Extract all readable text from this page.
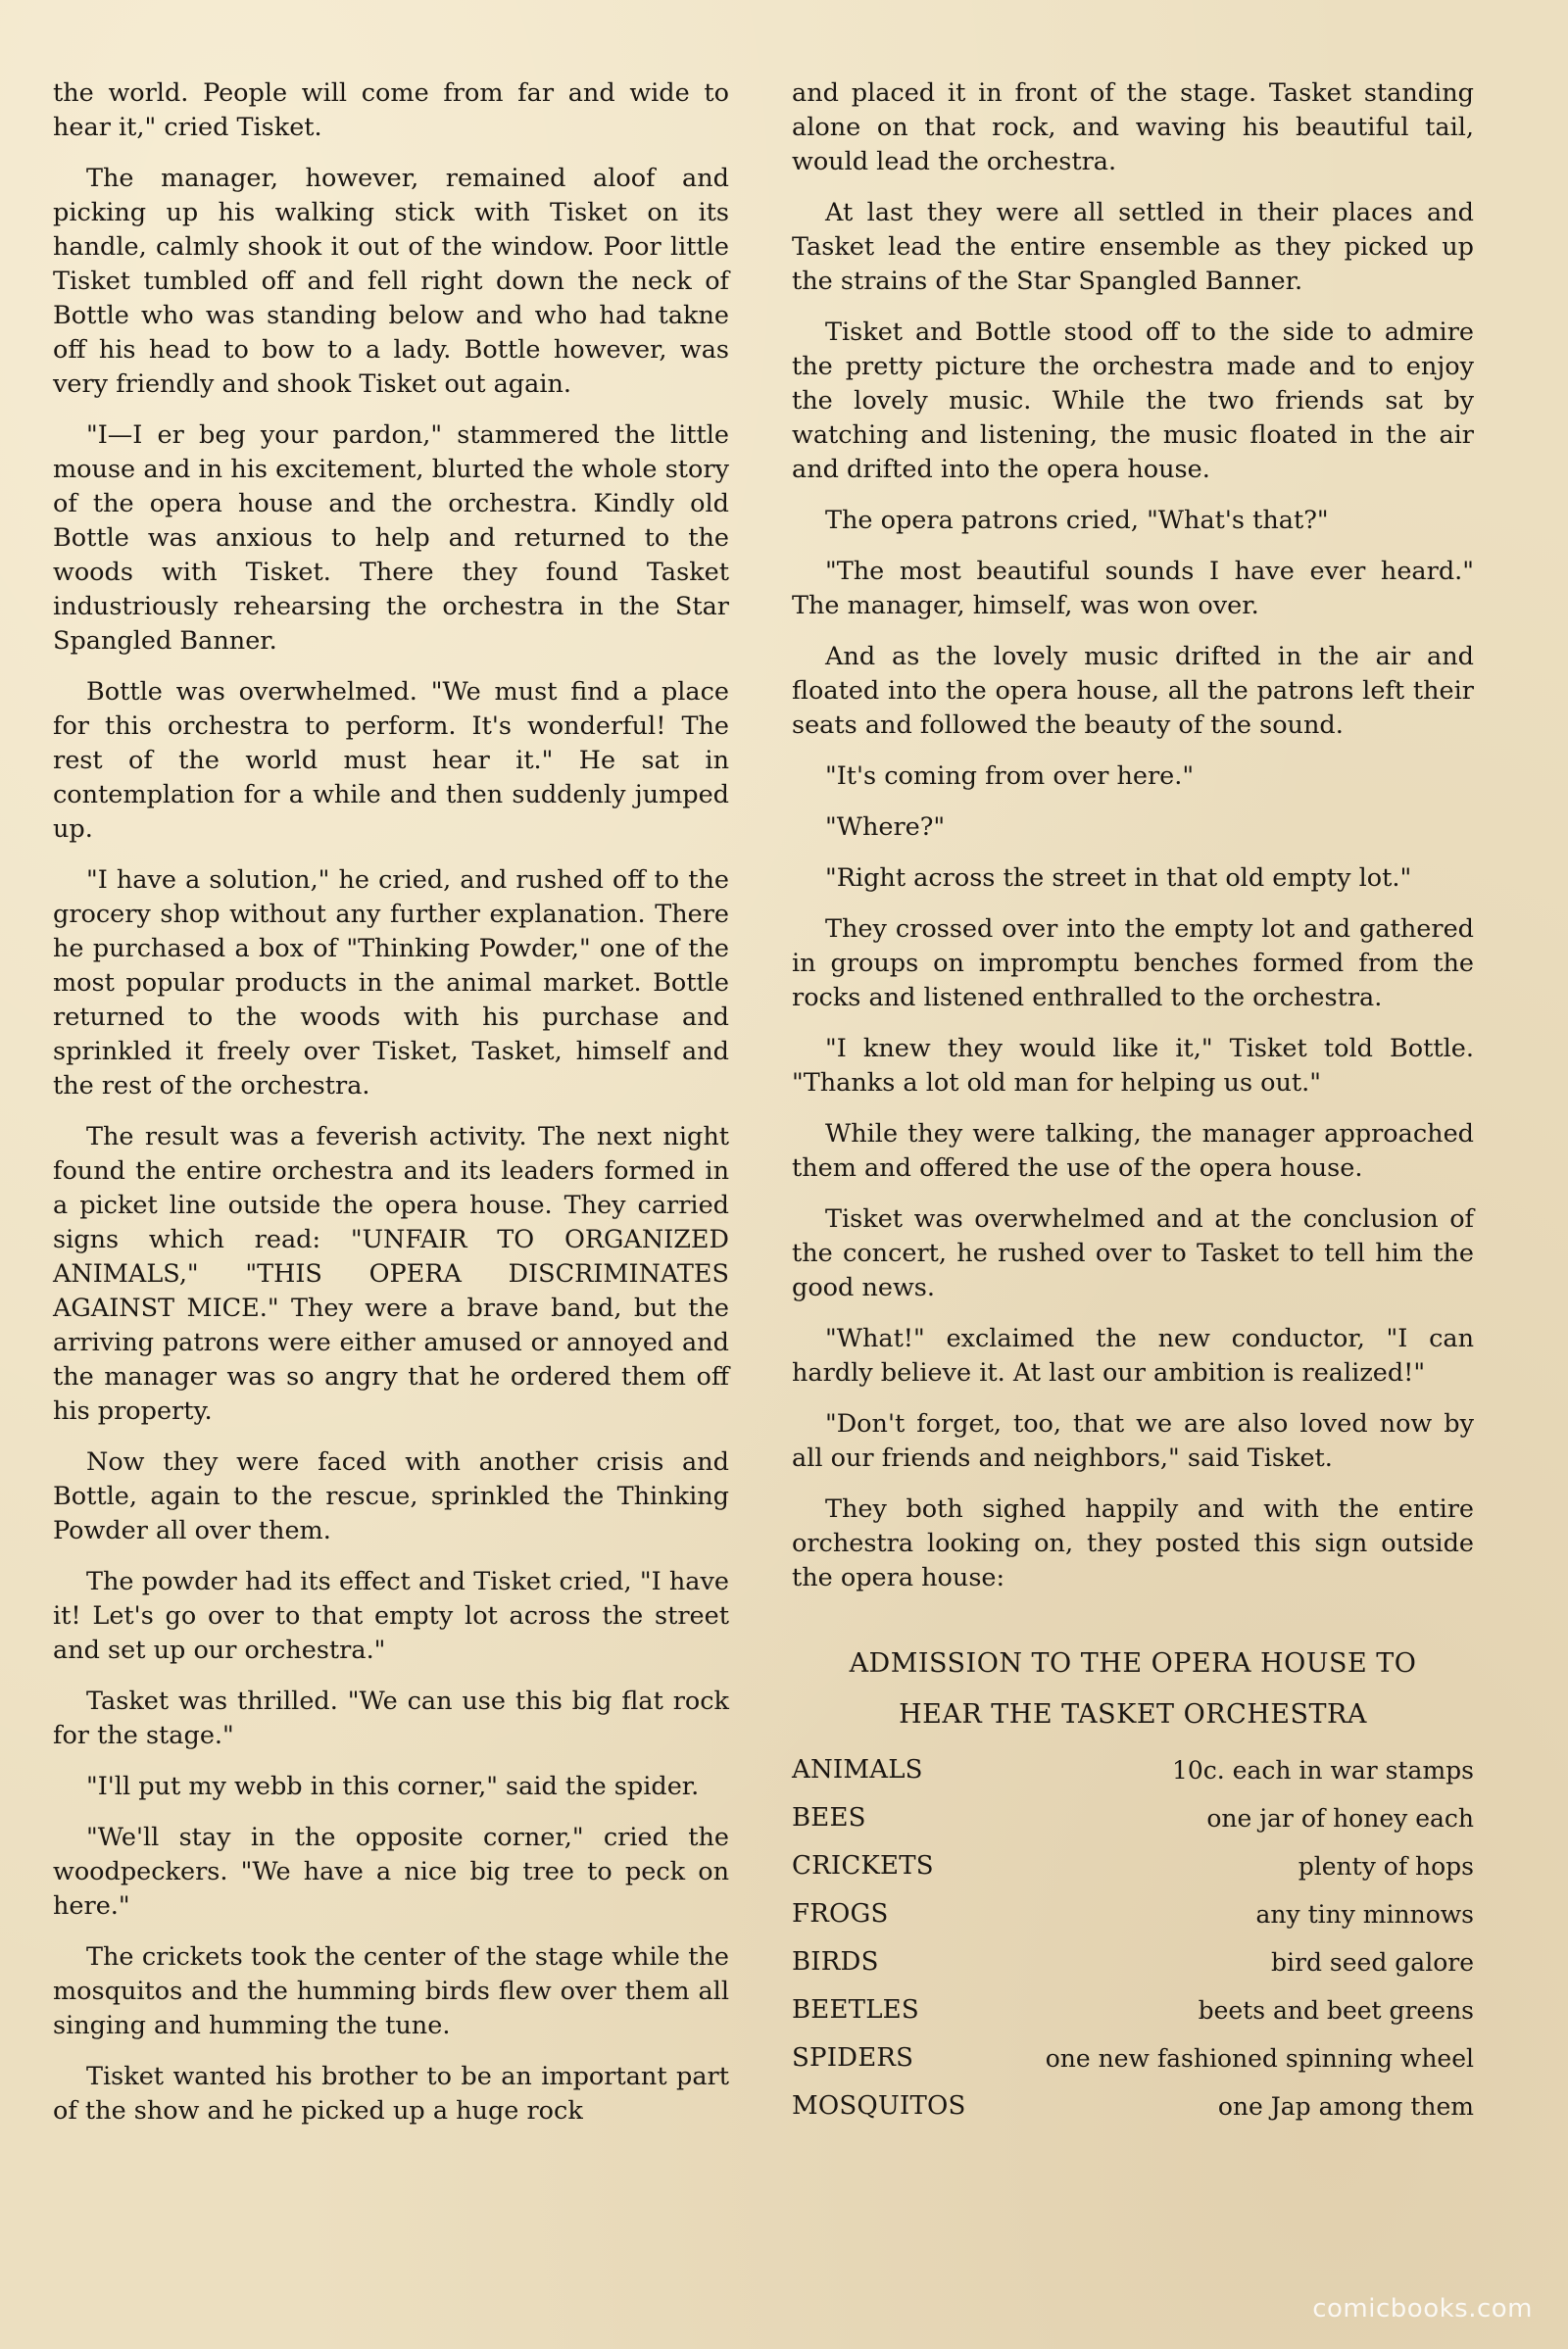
the world. People will come from far and wide to hear it," cried Tisket.

The manager, however, remained aloof and picking up his walking stick with Tisket on its handle, calmly shook it out of the window. Poor little Tisket tumbled off and fell right down the neck of Bottle who was standing below and who had takne off his head to bow to a lady. Bottle however, was very friendly and shook Tisket out again.

"I—I er beg your pardon," stammered the little mouse and in his excitement, blurted the whole story of the opera house and the orchestra. Kindly old Bottle was anxious to help and returned to the woods with Tisket. There they found Tasket industriously rehearsing the orchestra in the Star Spangled Banner.

Bottle was overwhelmed. "We must find a place for this orchestra to perform. It's wonderful! The rest of the world must hear it." He sat in contemplation for a while and then suddenly jumped up.

"I have a solution," he cried, and rushed off to the grocery shop without any further explanation. There he purchased a box of "Thinking Powder," one of the most popular products in the animal market. Bottle returned to the woods with his purchase and sprinkled it freely over Tisket, Tasket, himself and the rest of the orchestra.

The result was a feverish activity. The next night found the entire orchestra and its leaders formed in a picket line outside the opera house. They carried signs which read: "UNFAIR TO ORGANIZED ANIMALS," "THIS OPERA DISCRIMINATES AGAINST MICE." They were a brave band, but the arriving patrons were either amused or annoyed and the manager was so angry that he ordered them off his property.

Now they were faced with another crisis and Bottle, again to the rescue, sprinkled the Thinking Powder all over them.

The powder had its effect and Tisket cried, "I have it! Let's go over to that empty lot across the street and set up our orchestra."

Tasket was thrilled. "We can use this big flat rock for the stage."

"I'll put my webb in this corner," said the spider.

"We'll stay in the opposite corner," cried the woodpeckers. "We have a nice big tree to peck on here."

The crickets took the center of the stage while the mosquitos and the humming birds flew over them all singing and humming the tune.

Tisket wanted his brother to be an important part of the show and he picked up a huge rock

and placed it in front of the stage. Tasket standing alone on that rock, and waving his beautiful tail, would lead the orchestra.

At last they were all settled in their places and Tasket lead the entire ensemble as they picked up the strains of the Star Spangled Banner.

Tisket and Bottle stood off to the side to admire the pretty picture the orchestra made and to enjoy the lovely music. While the two friends sat by watching and listening, the music floated in the air and drifted into the opera house.

The opera patrons cried, "What's that?"

"The most beautiful sounds I have ever heard." The manager, himself, was won over.

And as the lovely music drifted in the air and floated into the opera house, all the patrons left their seats and followed the beauty of the sound.

"It's coming from over here."

"Where?"

"Right across the street in that old empty lot."

They crossed over into the empty lot and gathered in groups on impromptu benches formed from the rocks and listened enthralled to the orchestra.

"I knew they would like it," Tisket told Bottle. "Thanks a lot old man for helping us out."

While they were talking, the manager approached them and offered the use of the opera house.

Tisket was overwhelmed and at the conclusion of the concert, he rushed over to Tasket to tell him the good news.

"What!" exclaimed the new conductor, "I can hardly believe it. At last our ambition is realized!"

"Don't forget, too, that we are also loved now by all our friends and neighbors," said Tisket.

They both sighed happily and with the entire orchestra looking on, they posted this sign outside the opera house:

ADMISSION TO THE OPERA HOUSE TO
HEAR THE TASKET ORCHESTRA
ANIMALS	10c. each in war stamps
BEES	one jar of honey each
CRICKETS	plenty of hops
FROGS	any tiny minnows
BIRDS	bird seed galore
BEETLES	beets and beet greens
SPIDERS	one new fashioned spinning wheel
MOSQUITOS	one Jap among them
comicbooks.com
